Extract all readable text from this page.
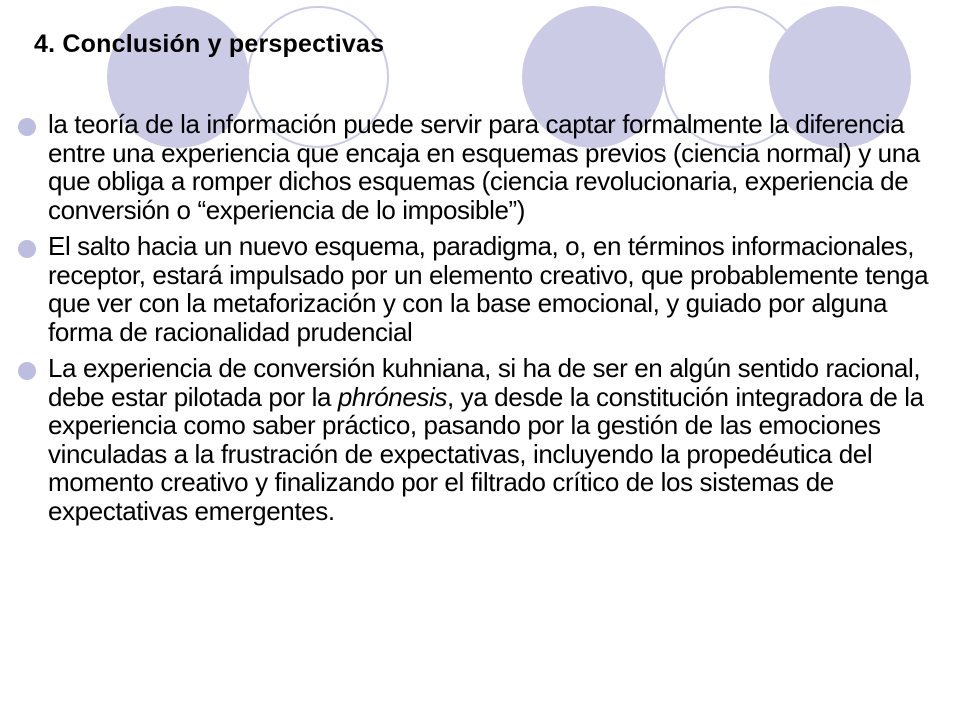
4. Conclusión y perspectivas
la teoría de la información puede servir para captar formalmente la diferencia entre una experiencia que encaja en esquemas previos (ciencia normal) y una que obliga a romper dichos esquemas (ciencia revolucionaria, experiencia de conversión o “experiencia de lo imposible”)
El salto hacia un nuevo esquema, paradigma, o, en términos informacionales, receptor, estará impulsado por un elemento creativo, que probablemente tenga que ver con la metaforización y con la base emocional, y guiado por alguna forma de racionalidad prudencial
La experiencia de conversión kuhniana, si ha de ser en algún sentido racional, debe estar pilotada por la phrónesis, ya desde la constitución integradora de la experiencia como saber práctico, pasando por la gestión de las emociones vinculadas a la frustración de expectativas, incluyendo la propedéutica del momento creativo y finalizando por el filtrado crítico de los sistemas de expectativas emergentes.
